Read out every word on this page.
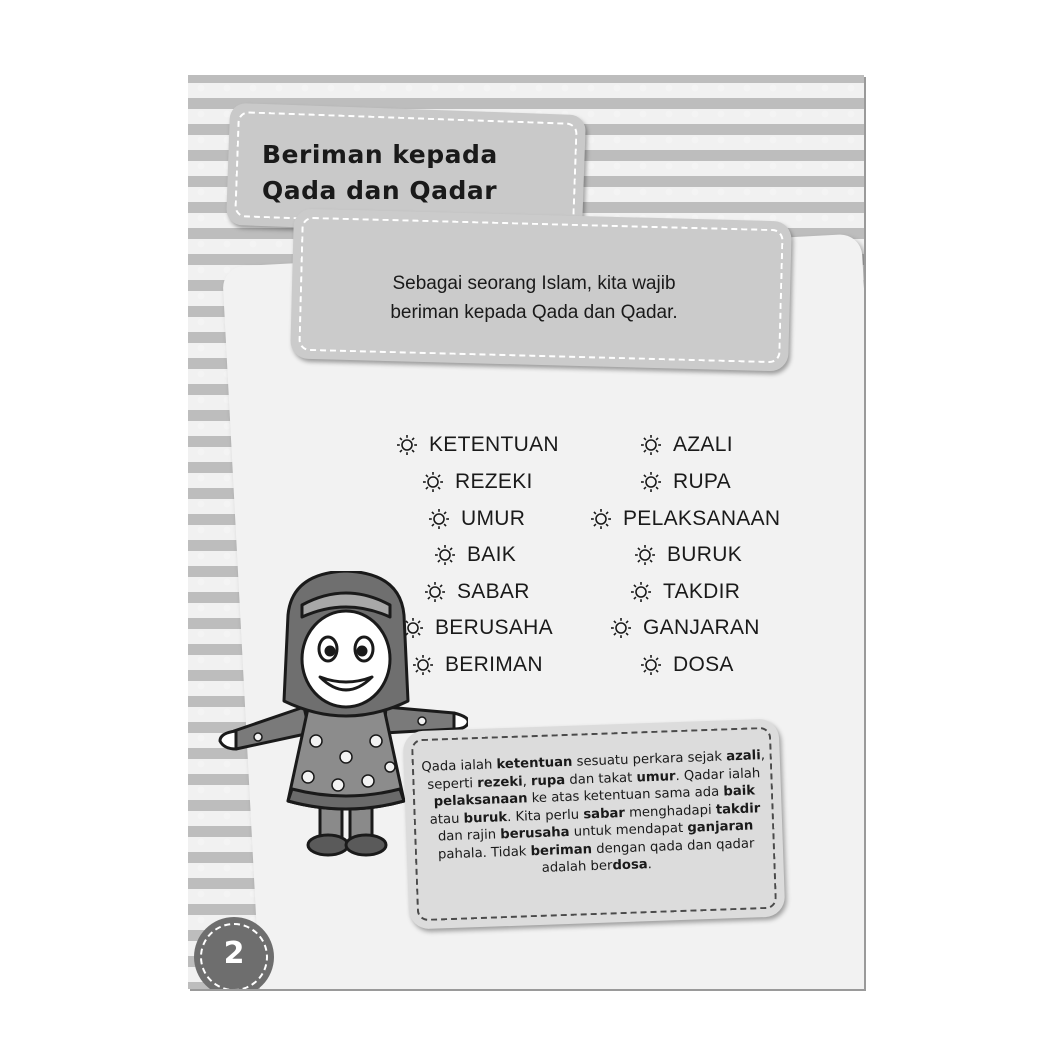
Beriman kepada
Qada dan Qadar

Sebagai seorang Islam, kita wajib
beriman kepada Qada dan Qadar.

KETENTUAN
REZEKI
UMUR
BAIK
SABAR
BERUSAHA
BERIMAN
AZALI
RUPA
PELAKSANAAN
BURUK
TAKDIR
GANJARAN
DOSA

Qada ialah ketentuan sesuatu perkara sejak azali, seperti rezeki, rupa dan takat umur. Qadar ialah pelaksanaan ke atas ketentuan sama ada baik atau buruk. Kita perlu sabar menghadapi takdir dan rajin berusaha untuk mendapat ganjaran pahala. Tidak beriman dengan qada dan qadar adalah berdosa.

2
